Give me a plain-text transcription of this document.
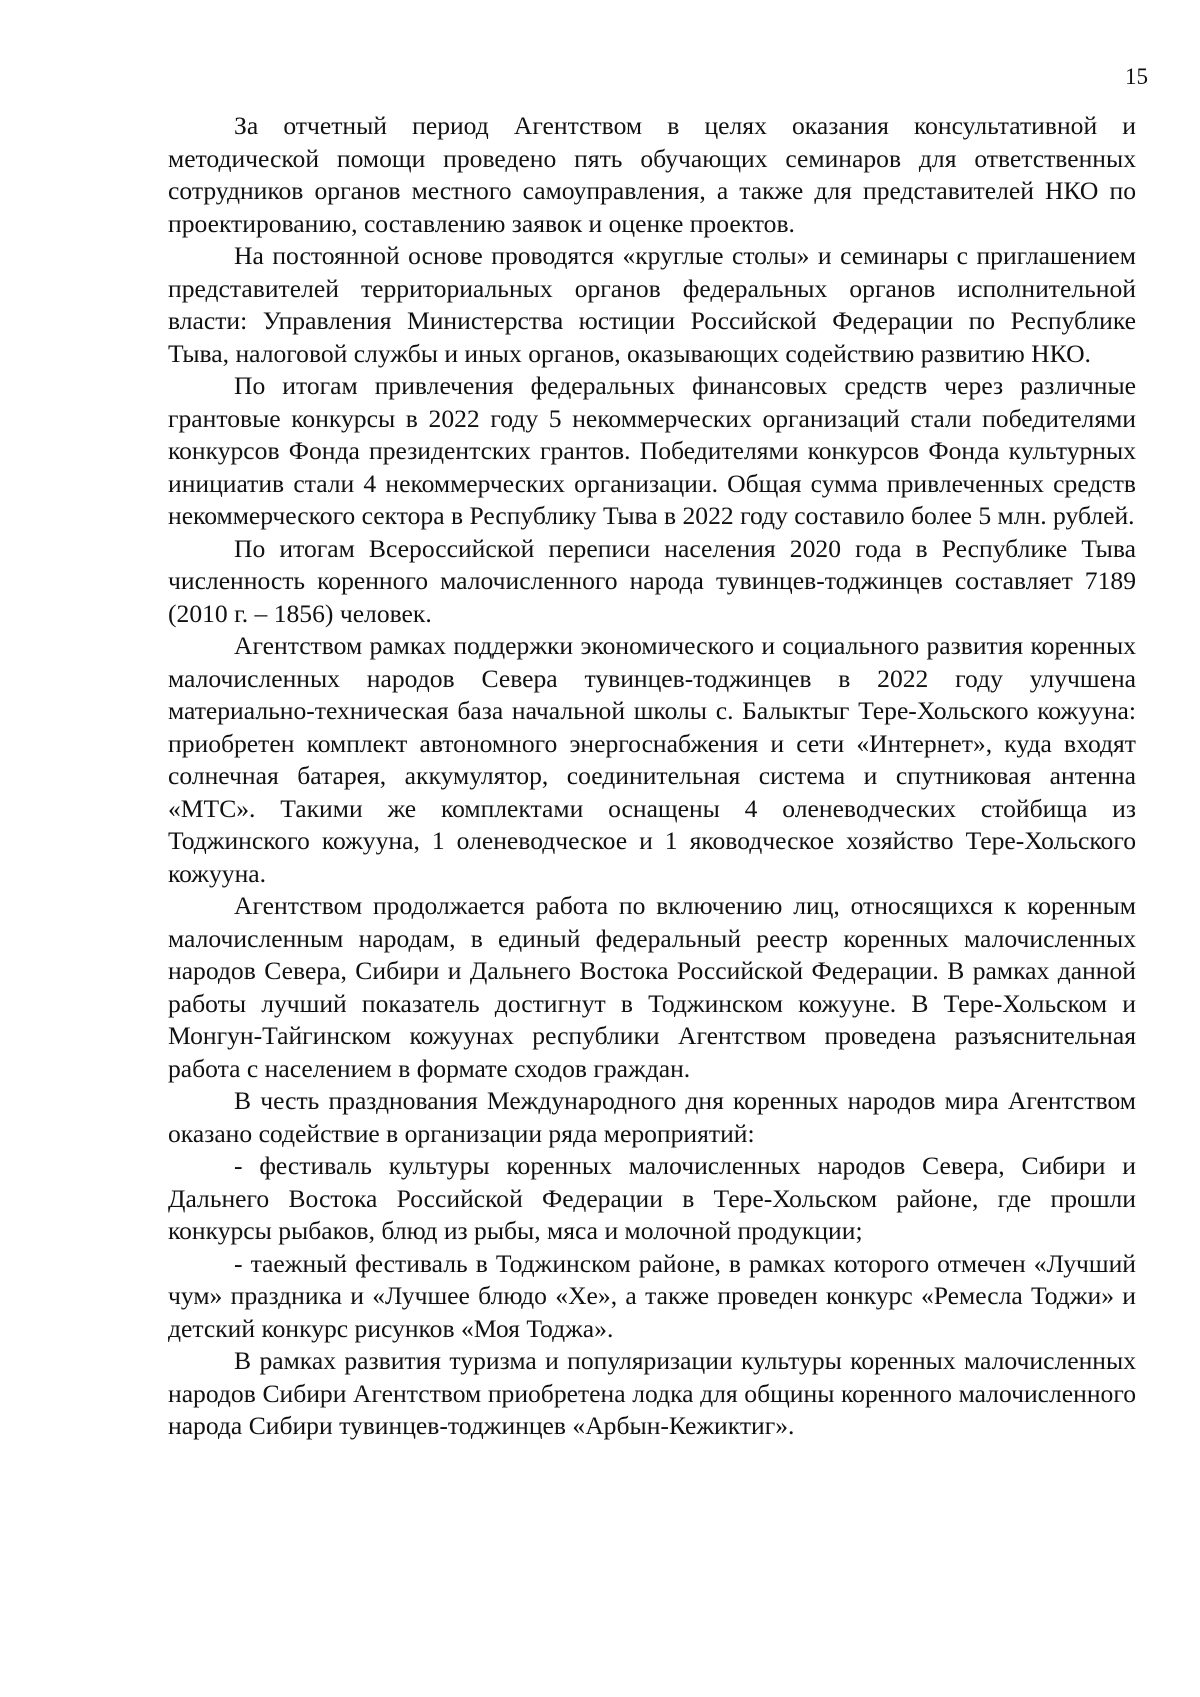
15

За отчетный период Агентством в целях оказания консультативной и методической помощи проведено пять обучающих семинаров для ответственных сотрудников органов местного самоуправления, а также для представителей НКО по проектированию, составлению заявок и оценке проектов.

На постоянной основе проводятся «круглые столы» и семинары с приглашением представителей территориальных органов федеральных органов исполнительной власти: Управления Министерства юстиции Российской Федерации по Республике Тыва, налоговой службы и иных органов, оказывающих содействию развитию НКО.

По итогам привлечения федеральных финансовых средств через различные грантовые конкурсы в 2022 году 5 некоммерческих организаций стали победителями конкурсов Фонда президентских грантов. Победителями конкурсов Фонда культурных инициатив стали 4 некоммерческих организации. Общая сумма привлеченных средств некоммерческого сектора в Республику Тыва в 2022 году составило более 5 млн. рублей.

По итогам Всероссийской переписи населения 2020 года в Республике Тыва численность коренного малочисленного народа тувинцев-тоджинцев составляет 7189 (2010 г. – 1856) человек.

Агентством рамках поддержки экономического и социального развития коренных малочисленных народов Севера тувинцев-тоджинцев в 2022 году улучшена материально-техническая база начальной школы с. Балыктыг Тере-Хольского кожууна: приобретен комплект автономного энергоснабжения и сети «Интернет», куда входят солнечная батарея, аккумулятор, соединительная система и спутниковая антенна «МТС». Такими же комплектами оснащены 4 оленеводческих стойбища из Тоджинского кожууна, 1 оленеводческое и 1 яководческое хозяйство Тере-Хольского кожууна.

Агентством продолжается работа по включению лиц, относящихся к коренным малочисленным народам, в единый федеральный реестр коренных малочисленных народов Севера, Сибири и Дальнего Востока Российской Федерации. В рамках данной работы лучший показатель достигнут в Тоджинском кожууне. В Тере-Хольском и Монгун-Тайгинском кожуунах республики Агентством проведена разъяснительная работа с населением в формате сходов граждан.

В честь празднования Международного дня коренных народов мира Агентством оказано содействие в организации ряда мероприятий:

- фестиваль культуры коренных малочисленных народов Севера, Сибири и Дальнего Востока Российской Федерации в Тере-Хольском районе, где прошли конкурсы рыбаков, блюд из рыбы, мяса и молочной продукции;

- таежный фестиваль в Тоджинском районе, в рамках которого отмечен «Лучший чум» праздника и «Лучшее блюдо «Хе», а также проведен конкурс «Ремесла Тоджи» и детский конкурс рисунков «Моя Тоджа».

В рамках развития туризма и популяризации культуры коренных малочисленных народов Сибири Агентством приобретена лодка для общины коренного малочисленного народа Сибири тувинцев-тоджинцев «Арбын-Кежиктиг».
